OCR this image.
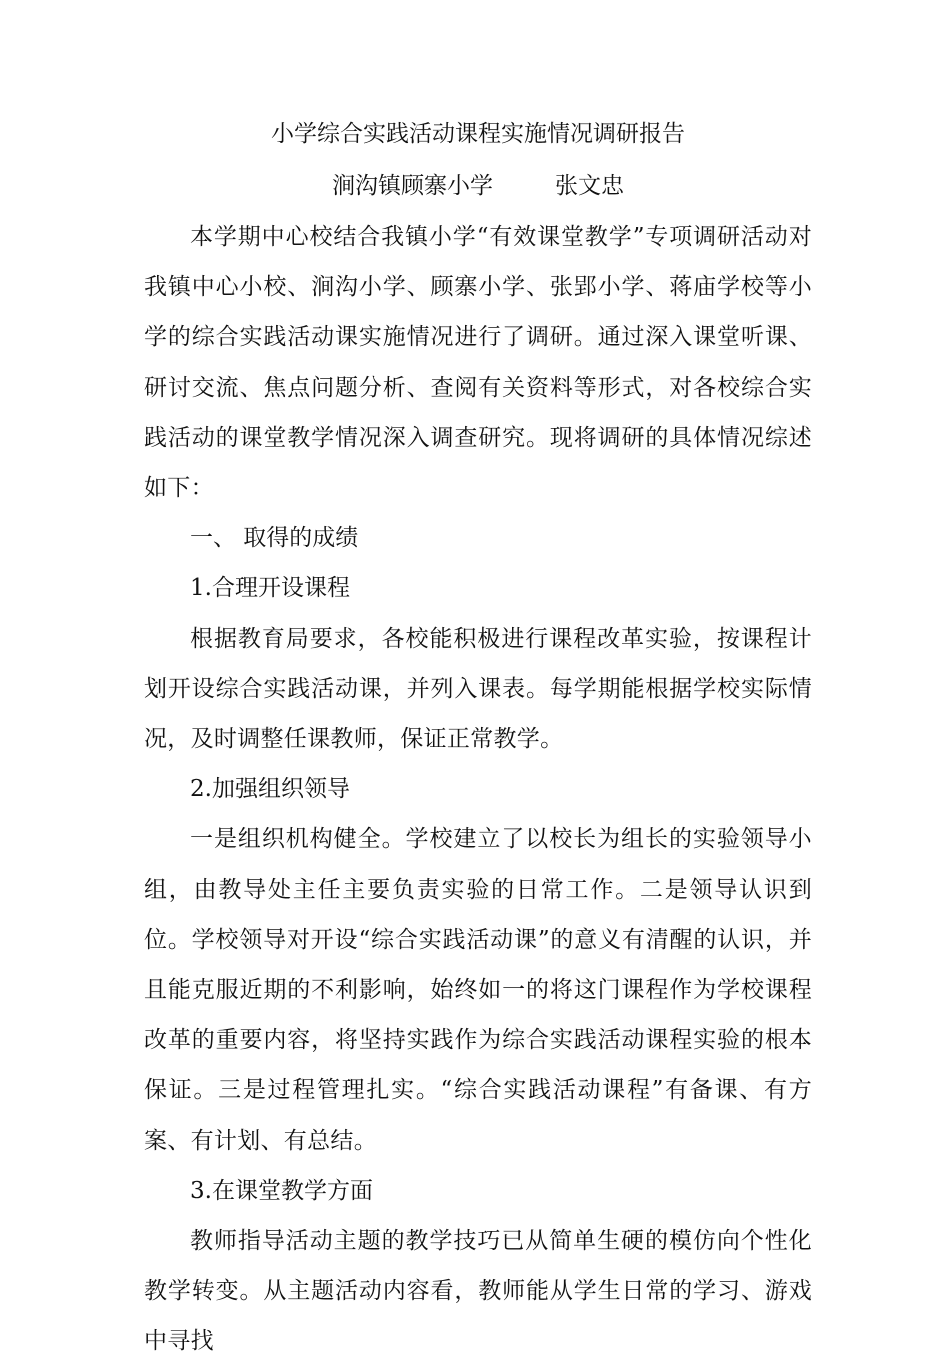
小学综合实践活动课程实施情况调研报告

涧沟镇顾寨小学	张文忠

本学期中心校结合我镇小学“有效课堂教学”专项调研活动对我镇中心小校、涧沟小学、顾寨小学、张郢小学、蒋庙学校等小学的综合实践活动课实施情况进行了调研。通过深入课堂听课、研讨交流、焦点问题分析、查阅有关资料等形式，对各校综合实践活动的课堂教学情况深入调查研究。现将调研的具体情况综述如下：

一、 取得的成绩

1.合理开设课程

根据教育局要求，各校能积极进行课程改革实验，按课程计划开设综合实践活动课，并列入课表。每学期能根据学校实际情况，及时调整任课教师，保证正常教学。

2.加强组织领导

一是组织机构健全。学校建立了以校长为组长的实验领导小组，由教导处主任主要负责实验的日常工作。二是领导认识到位。学校领导对开设“综合实践活动课”的意义有清醒的认识，并且能克服近期的不利影响，始终如一的将这门课程作为学校课程改革的重要内容，将坚持实践作为综合实践活动课程实验的根本保证。三是过程管理扎实。“综合实践活动课程”有备课、有方案、有计划、有总结。

3.在课堂教学方面

教师指导活动主题的教学技巧已从简单生硬的模仿向个性化教学转变。从主题活动内容看，教师能从学生日常的学习、游戏中寻找
